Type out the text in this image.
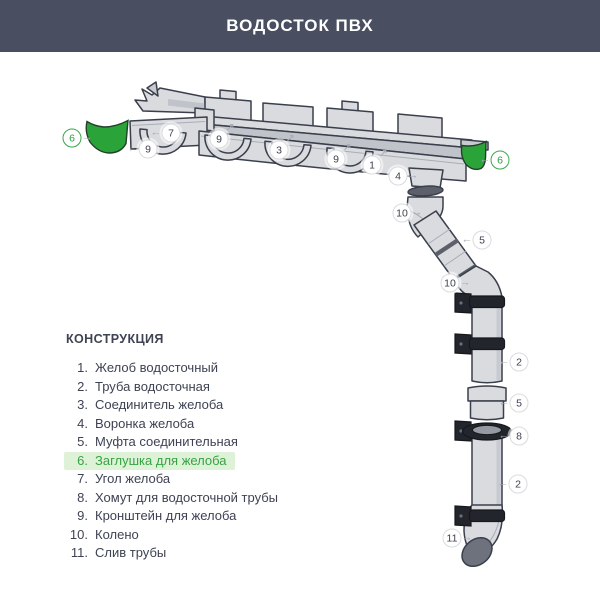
ВОДОСТОК ПВХ
6 →	7
←
9
←
9
↗
3
↗
9
↗
1
↗
4 →
6
←
10 →
5
←
10 →
2
←
5
←
8
←
2
←
11 →
КОНСТРУКЦИЯ
1. Желоб водосточный
2. Труба водосточная
3. Соединитель желоба
4. Воронка желоба
5. Муфта соединительная
6. Заглушка для желоба
7. Угол желоба
8. Хомут для водосточной трубы
9. Кронштейн для желоба
10. Колено
11. Слив трубы
